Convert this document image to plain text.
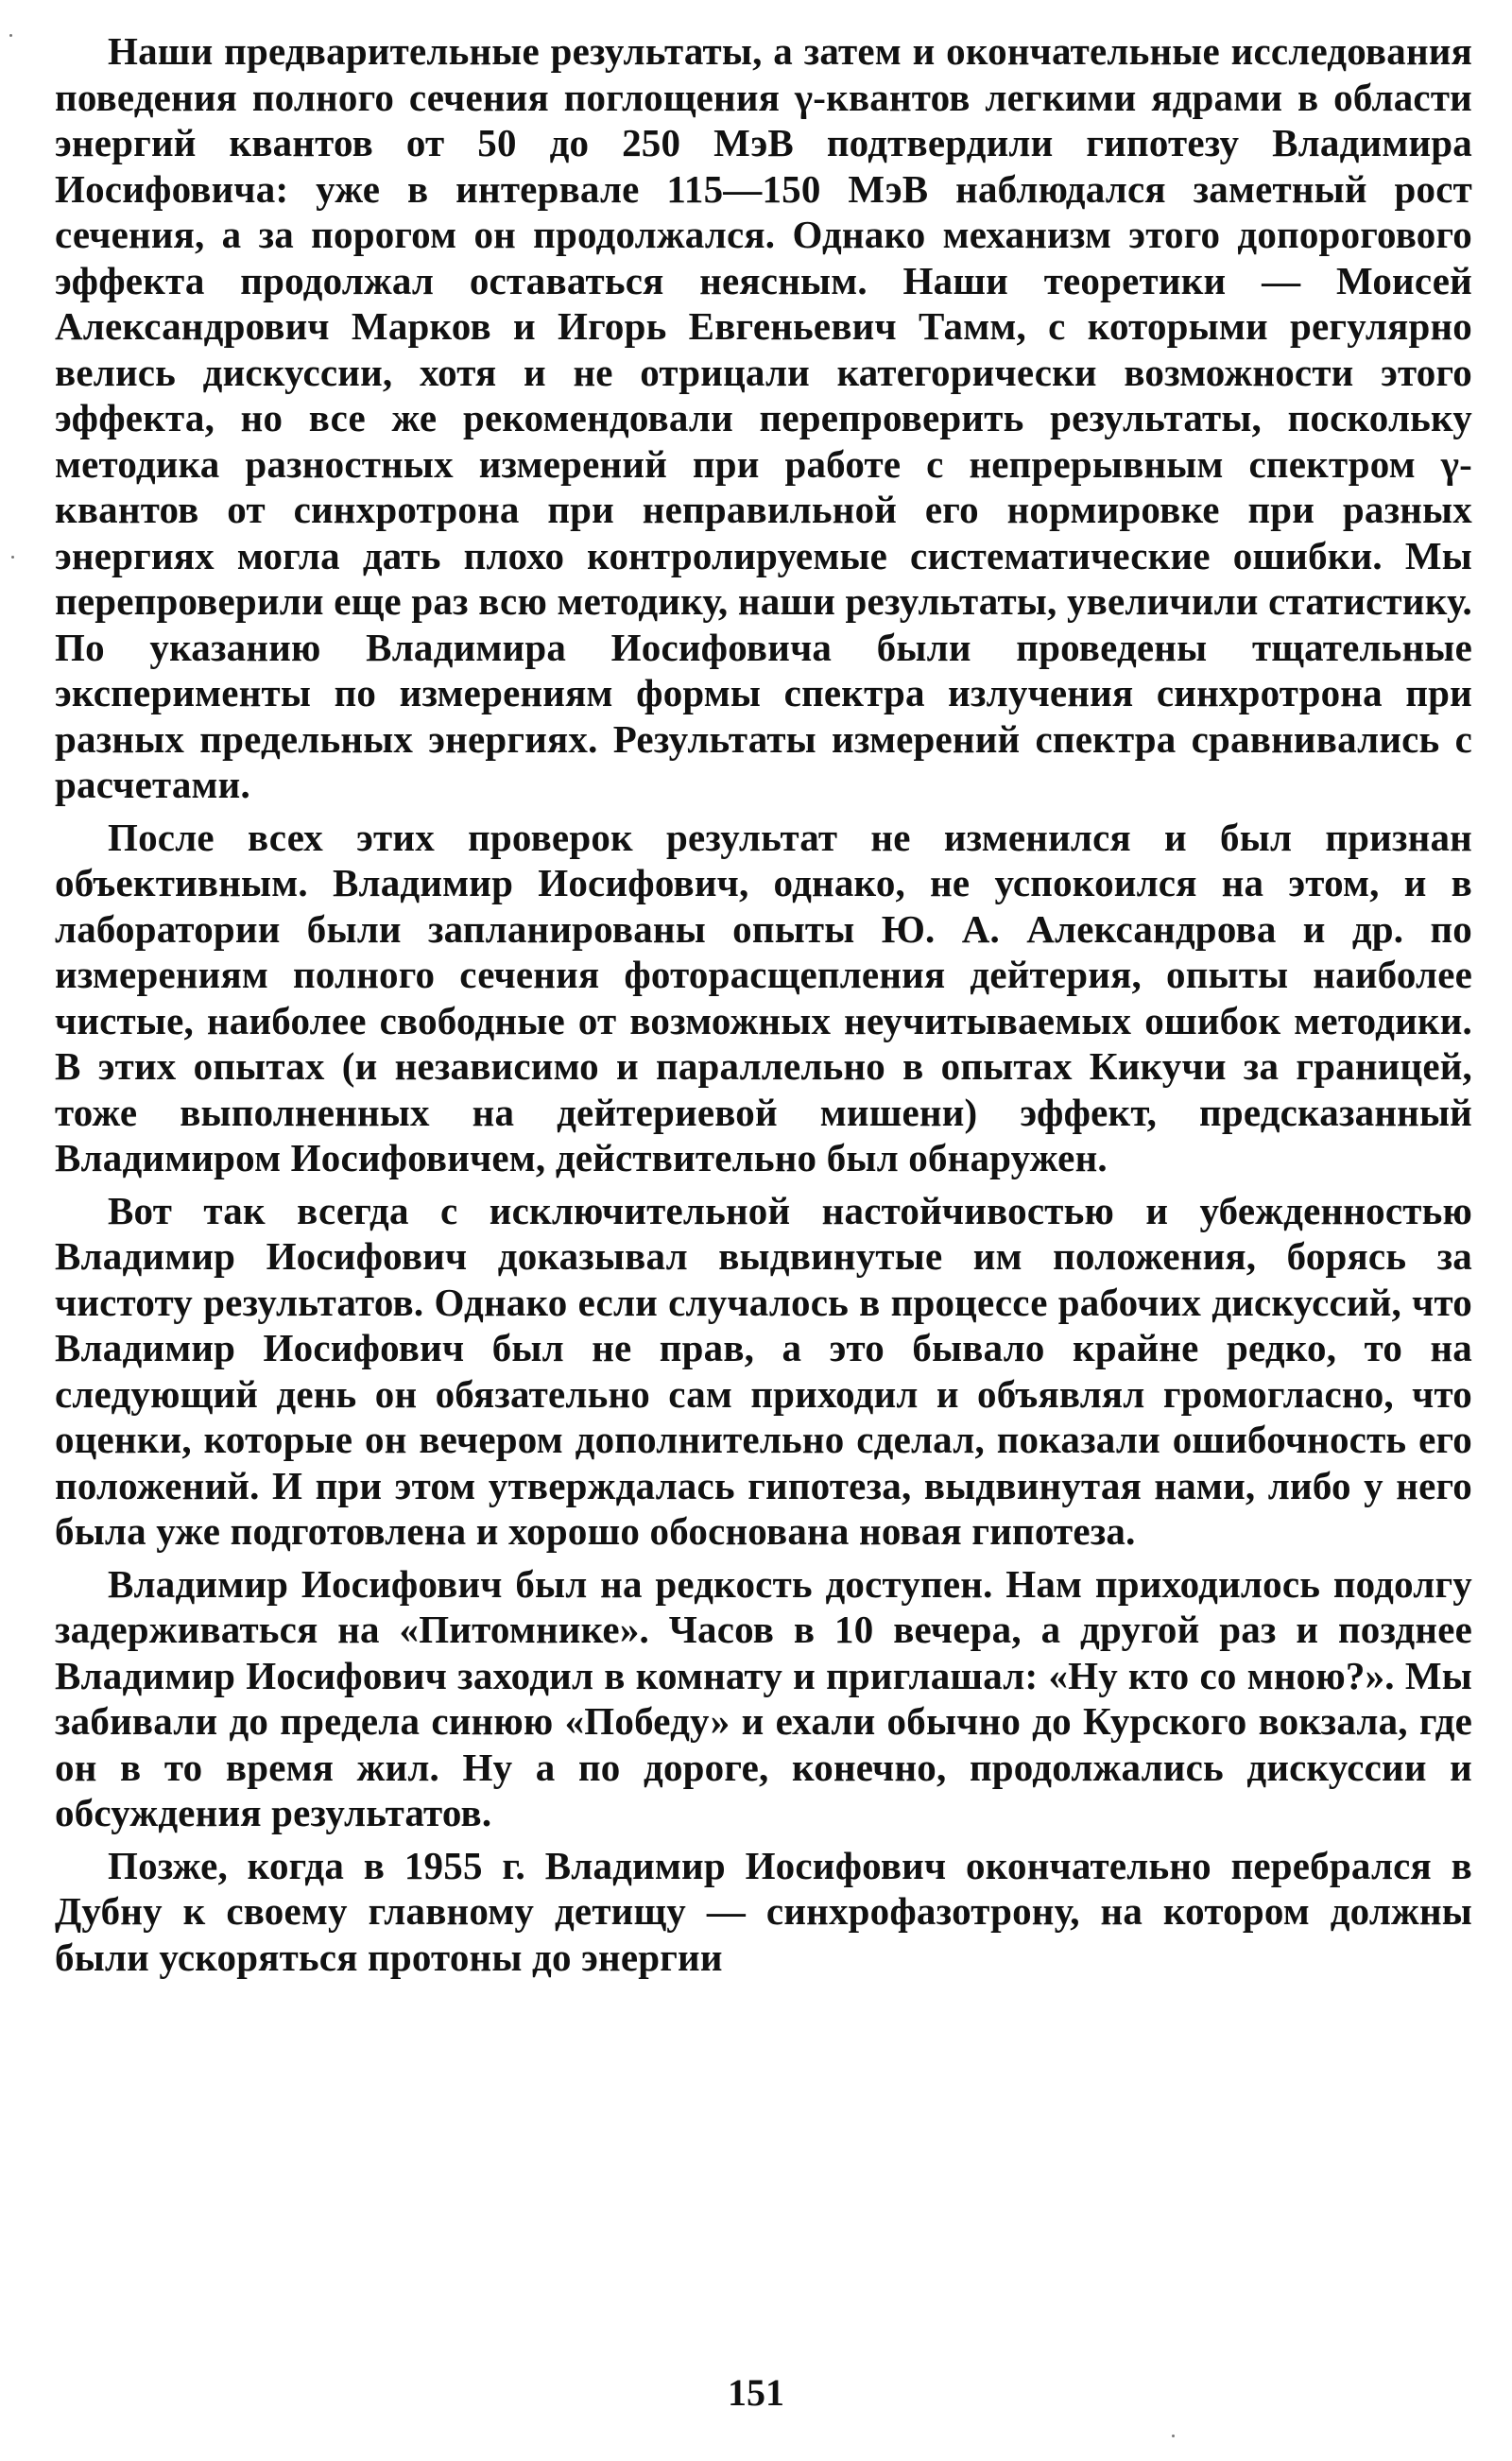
Наши предварительные результаты, а затем и окончательные исследования поведения полного сечения поглощения γ-квантов легкими ядрами в области энергий квантов от 50 до 250 МэВ подтвердили гипотезу Владимира Иосифовича: уже в интервале 115—150 МэВ наблюдался заметный рост сечения, а за порогом он продолжался. Однако механизм этого допорогового эффекта продолжал оставаться неясным. Наши теоретики — Моисей Александрович Марков и Игорь Евгеньевич Тамм, с которыми регулярно велись дискуссии, хотя и не отрицали категорически возможности этого эффекта, но все же рекомендовали перепроверить результаты, поскольку методика разностных измерений при работе с непрерывным спектром γ-квантов от синхротрона при неправильной его нормировке при разных энергиях могла дать плохо контролируемые систематические ошибки. Мы перепроверили еще раз всю методику, наши результаты, увеличили статистику. По указанию Владимира Иосифовича были проведены тщательные эксперименты по измерениям формы спектра излучения синхротрона при разных предельных энергиях. Результаты измерений спектра сравнивались с расчетами.

После всех этих проверок результат не изменился и был признан объективным. Владимир Иосифович, однако, не успокоился на этом, и в лаборатории были запланированы опыты Ю. А. Александрова и др. по измерениям полного сечения фоторасщепления дейтерия, опыты наиболее чистые, наиболее свободные от возможных неучитываемых ошибок методики. В этих опытах (и независимо и параллельно в опытах Кикучи за границей, тоже выполненных на дейтериевой мишени) эффект, предсказанный Владимиром Иосифовичем, действительно был обнаружен.

Вот так всегда с исключительной настойчивостью и убежденностью Владимир Иосифович доказывал выдвинутые им положения, борясь за чистоту результатов. Однако если случалось в процессе рабочих дискуссий, что Владимир Иосифович был не прав, а это бывало крайне редко, то на следующий день он обязательно сам приходил и объявлял громогласно, что оценки, которые он вечером дополнительно сделал, показали ошибочность его положений. И при этом утверждалась гипотеза, выдвинутая нами, либо у него была уже подготовлена и хорошо обоснована новая гипотеза.

Владимир Иосифович был на редкость доступен. Нам приходилось подолгу задерживаться на «Питомнике». Часов в 10 вечера, а другой раз и позднее Владимир Иосифович заходил в комнату и приглашал: «Ну кто со мною?». Мы забивали до предела синюю «Победу» и ехали обычно до Курского вокзала, где он в то время жил. Ну а по дороге, конечно, продолжались дискуссии и обсуждения результатов.

Позже, когда в 1955 г. Владимир Иосифович окончательно перебрался в Дубну к своему главному детищу — синхрофазотрону, на котором должны были ускоряться протоны до энергии

151
